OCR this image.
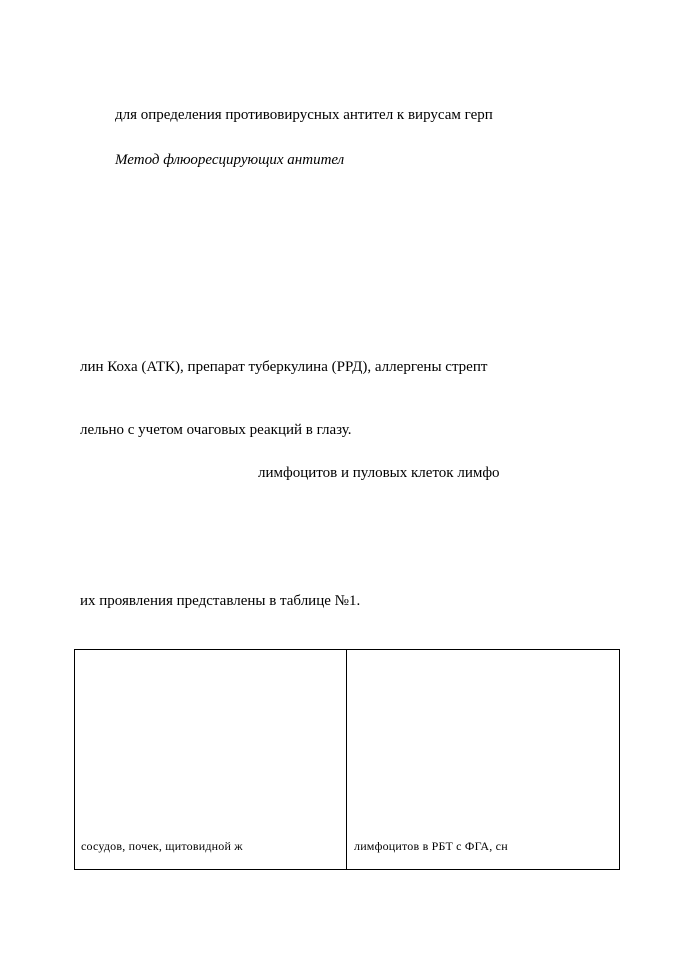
для определения противовирусных антител к вирусам герп
Метод флюоресцирующих антител
лин Коха (АТК), препарат туберкулина (РРД), аллергены стрепт
лельно с учетом очаговых реакций в глазу.
лимфоцитов и пуловых клеток лимфо
их проявления представлены в таблице №1.
сосудов, почек, щитовидной ж	лимфоцитов в РБТ с ФГА, сн
